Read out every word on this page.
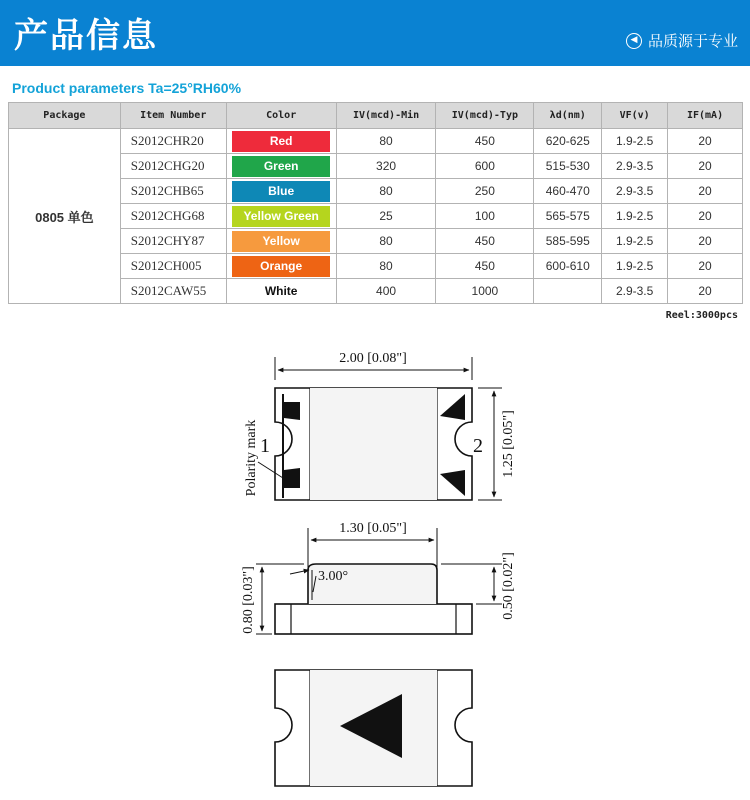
产品信息	◀ 品质源于专业
Product parameters Ta=25°RH60%
Package	Item Number	Color	IV(mcd)-Min	IV(mcd)-Typ	λd(nm)	VF(v)	IF(mA)
0805 单色	S2012CHR20	Red	80	450	620-625	1.9-2.5	20
	S2012CHG20	Green	320	600	515-530	2.9-3.5	20
	S2012CHB65	Blue	80	250	460-470	2.9-3.5	20
	S2012CHG68	Yellow Green	25	100	565-575	1.9-2.5	20
	S2012CHY87	Yellow	80	450	585-595	1.9-2.5	20
	S2012CH005	Orange	80	450	600-610	1.9-2.5	20
	S2012CAW55	White	400	1000		2.9-3.5	20
Reel:3000pcs
2.00 [0.08"]
1	2
Polarity mark	1.25 [0.05"]
1.30 [0.05"]
3.00°
0.80 [0.03"]	0.50 [0.02"]
